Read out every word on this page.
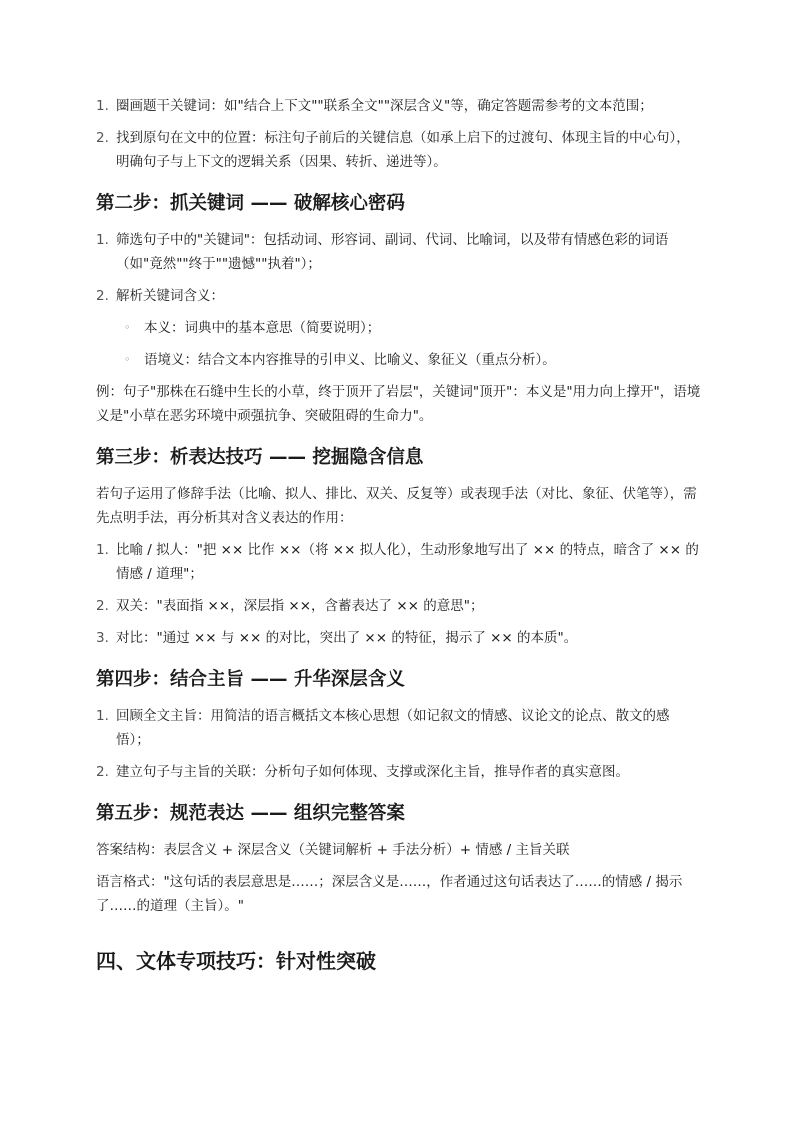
1. 圈画题干关键词：如"结合上下文""联系全文""深层含义"等，确定答题需参考的文本范围；
2. 找到原句在文中的位置：标注句子前后的关键信息（如承上启下的过渡句、体现主旨的中心句），明确句子与上下文的逻辑关系（因果、转折、递进等）。
第二步：抓关键词 —— 破解核心密码
1. 筛选句子中的"关键词"：包括动词、形容词、副词、代词、比喻词，以及带有情感色彩的词语（如"竟然""终于""遗憾""执着"）；
2. 解析关键词含义：
◦ 本义：词典中的基本意思（简要说明）；
◦ 语境义：结合文本内容推导的引申义、比喻义、象征义（重点分析）。

例：句子"那株在石缝中生长的小草，终于顶开了岩层"，关键词"顶开"：本义是"用力向上撑开"，语境义是"小草在恶劣环境中顽强抗争、突破阻碍的生命力"。

第三步：析表达技巧 —— 挖掘隐含信息

若句子运用了修辞手法（比喻、拟人、排比、双关、反复等）或表现手法（对比、象征、伏笔等），需先点明手法，再分析其对含义表达的作用：

1. 比喻 / 拟人："把 ×× 比作 ××（将 ×× 拟人化），生动形象地写出了 ×× 的特点，暗含了 ×× 的情感 / 道理"；
2. 双关："表面指 ××，深层指 ××，含蓄表达了 ×× 的意思"；
3. 对比："通过 ×× 与 ×× 的对比，突出了 ×× 的特征，揭示了 ×× 的本质"。
第四步：结合主旨 —— 升华深层含义
1. 回顾全文主旨：用简洁的语言概括文本核心思想（如记叙文的情感、议论文的论点、散文的感悟）；
2. 建立句子与主旨的关联：分析句子如何体现、支撑或深化主旨，推导作者的真实意图。
第五步：规范表达 —— 组织完整答案

答案结构：表层含义 + 深层含义（关键词解析 + 手法分析）+ 情感 / 主旨关联

语言格式："这句话的表层意思是……；深层含义是……，作者通过这句话表达了……的情感 / 揭示了……的道理（主旨）。"

四、文体专项技巧：针对性突破
